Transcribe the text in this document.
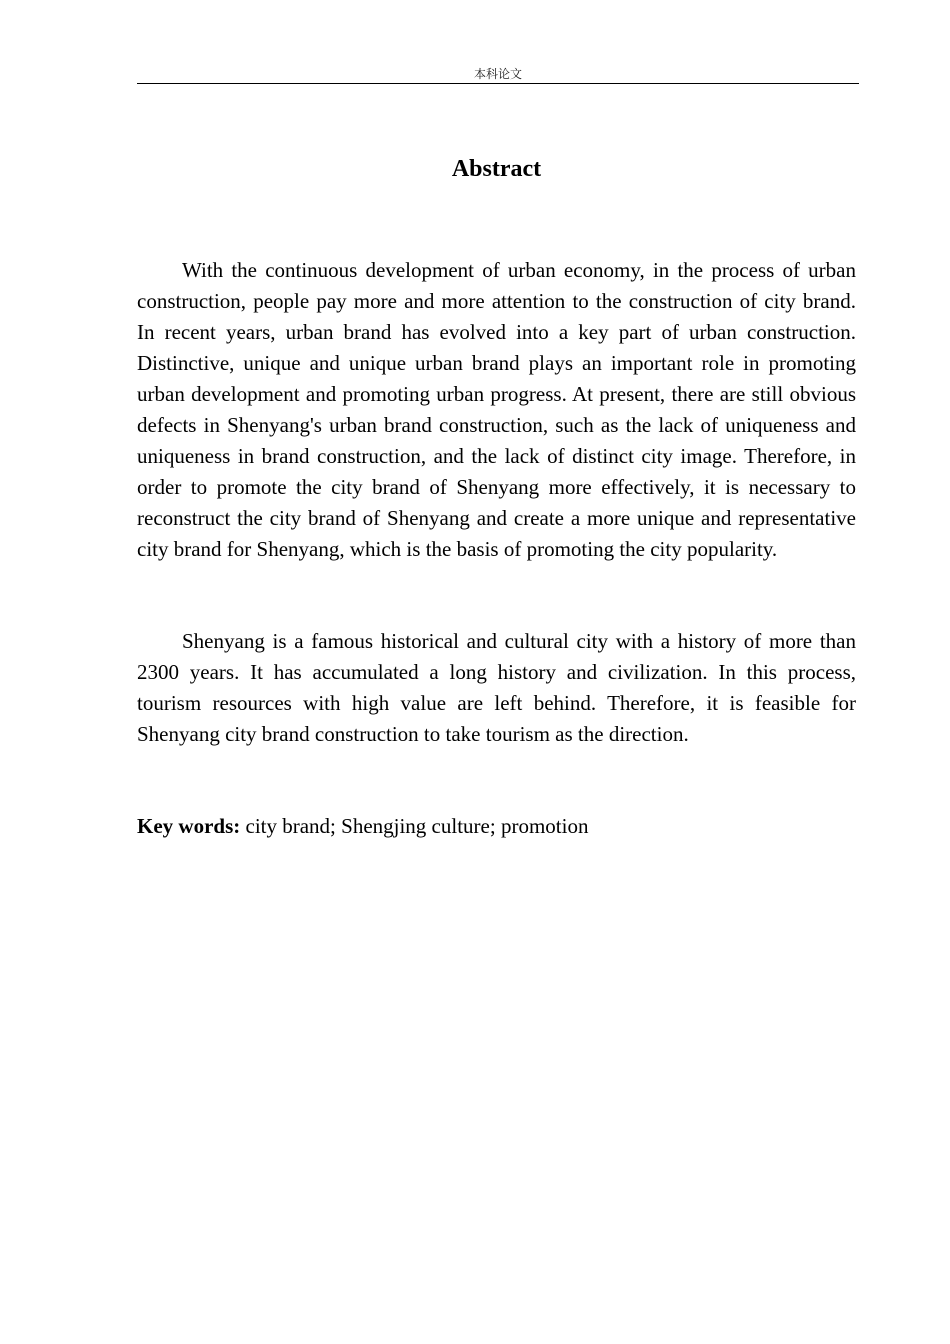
本科论文
Abstract

With the continuous development of urban economy, in the process of urban construction, people pay more and more attention to the construction of city brand. In recent years, urban brand has evolved into a key part of urban construction. Distinctive, unique and unique urban brand plays an important role in promoting urban development and promoting urban progress. At present, there are still obvious defects in Shenyang's urban brand construction, such as the lack of uniqueness and uniqueness in brand construction, and the lack of distinct city image. Therefore, in order to promote the city brand of Shenyang more effectively, it is necessary to reconstruct the city brand of Shenyang and create a more unique and representative city brand for Shenyang, which is the basis of promoting the city popularity.

Shenyang is a famous historical and cultural city with a history of more than 2300 years. It has accumulated a long history and civilization. In this process, tourism resources with high value are left behind. Therefore, it is feasible for Shenyang city brand construction to take tourism as the direction.

Key words: city brand; Shengjing culture; promotion
